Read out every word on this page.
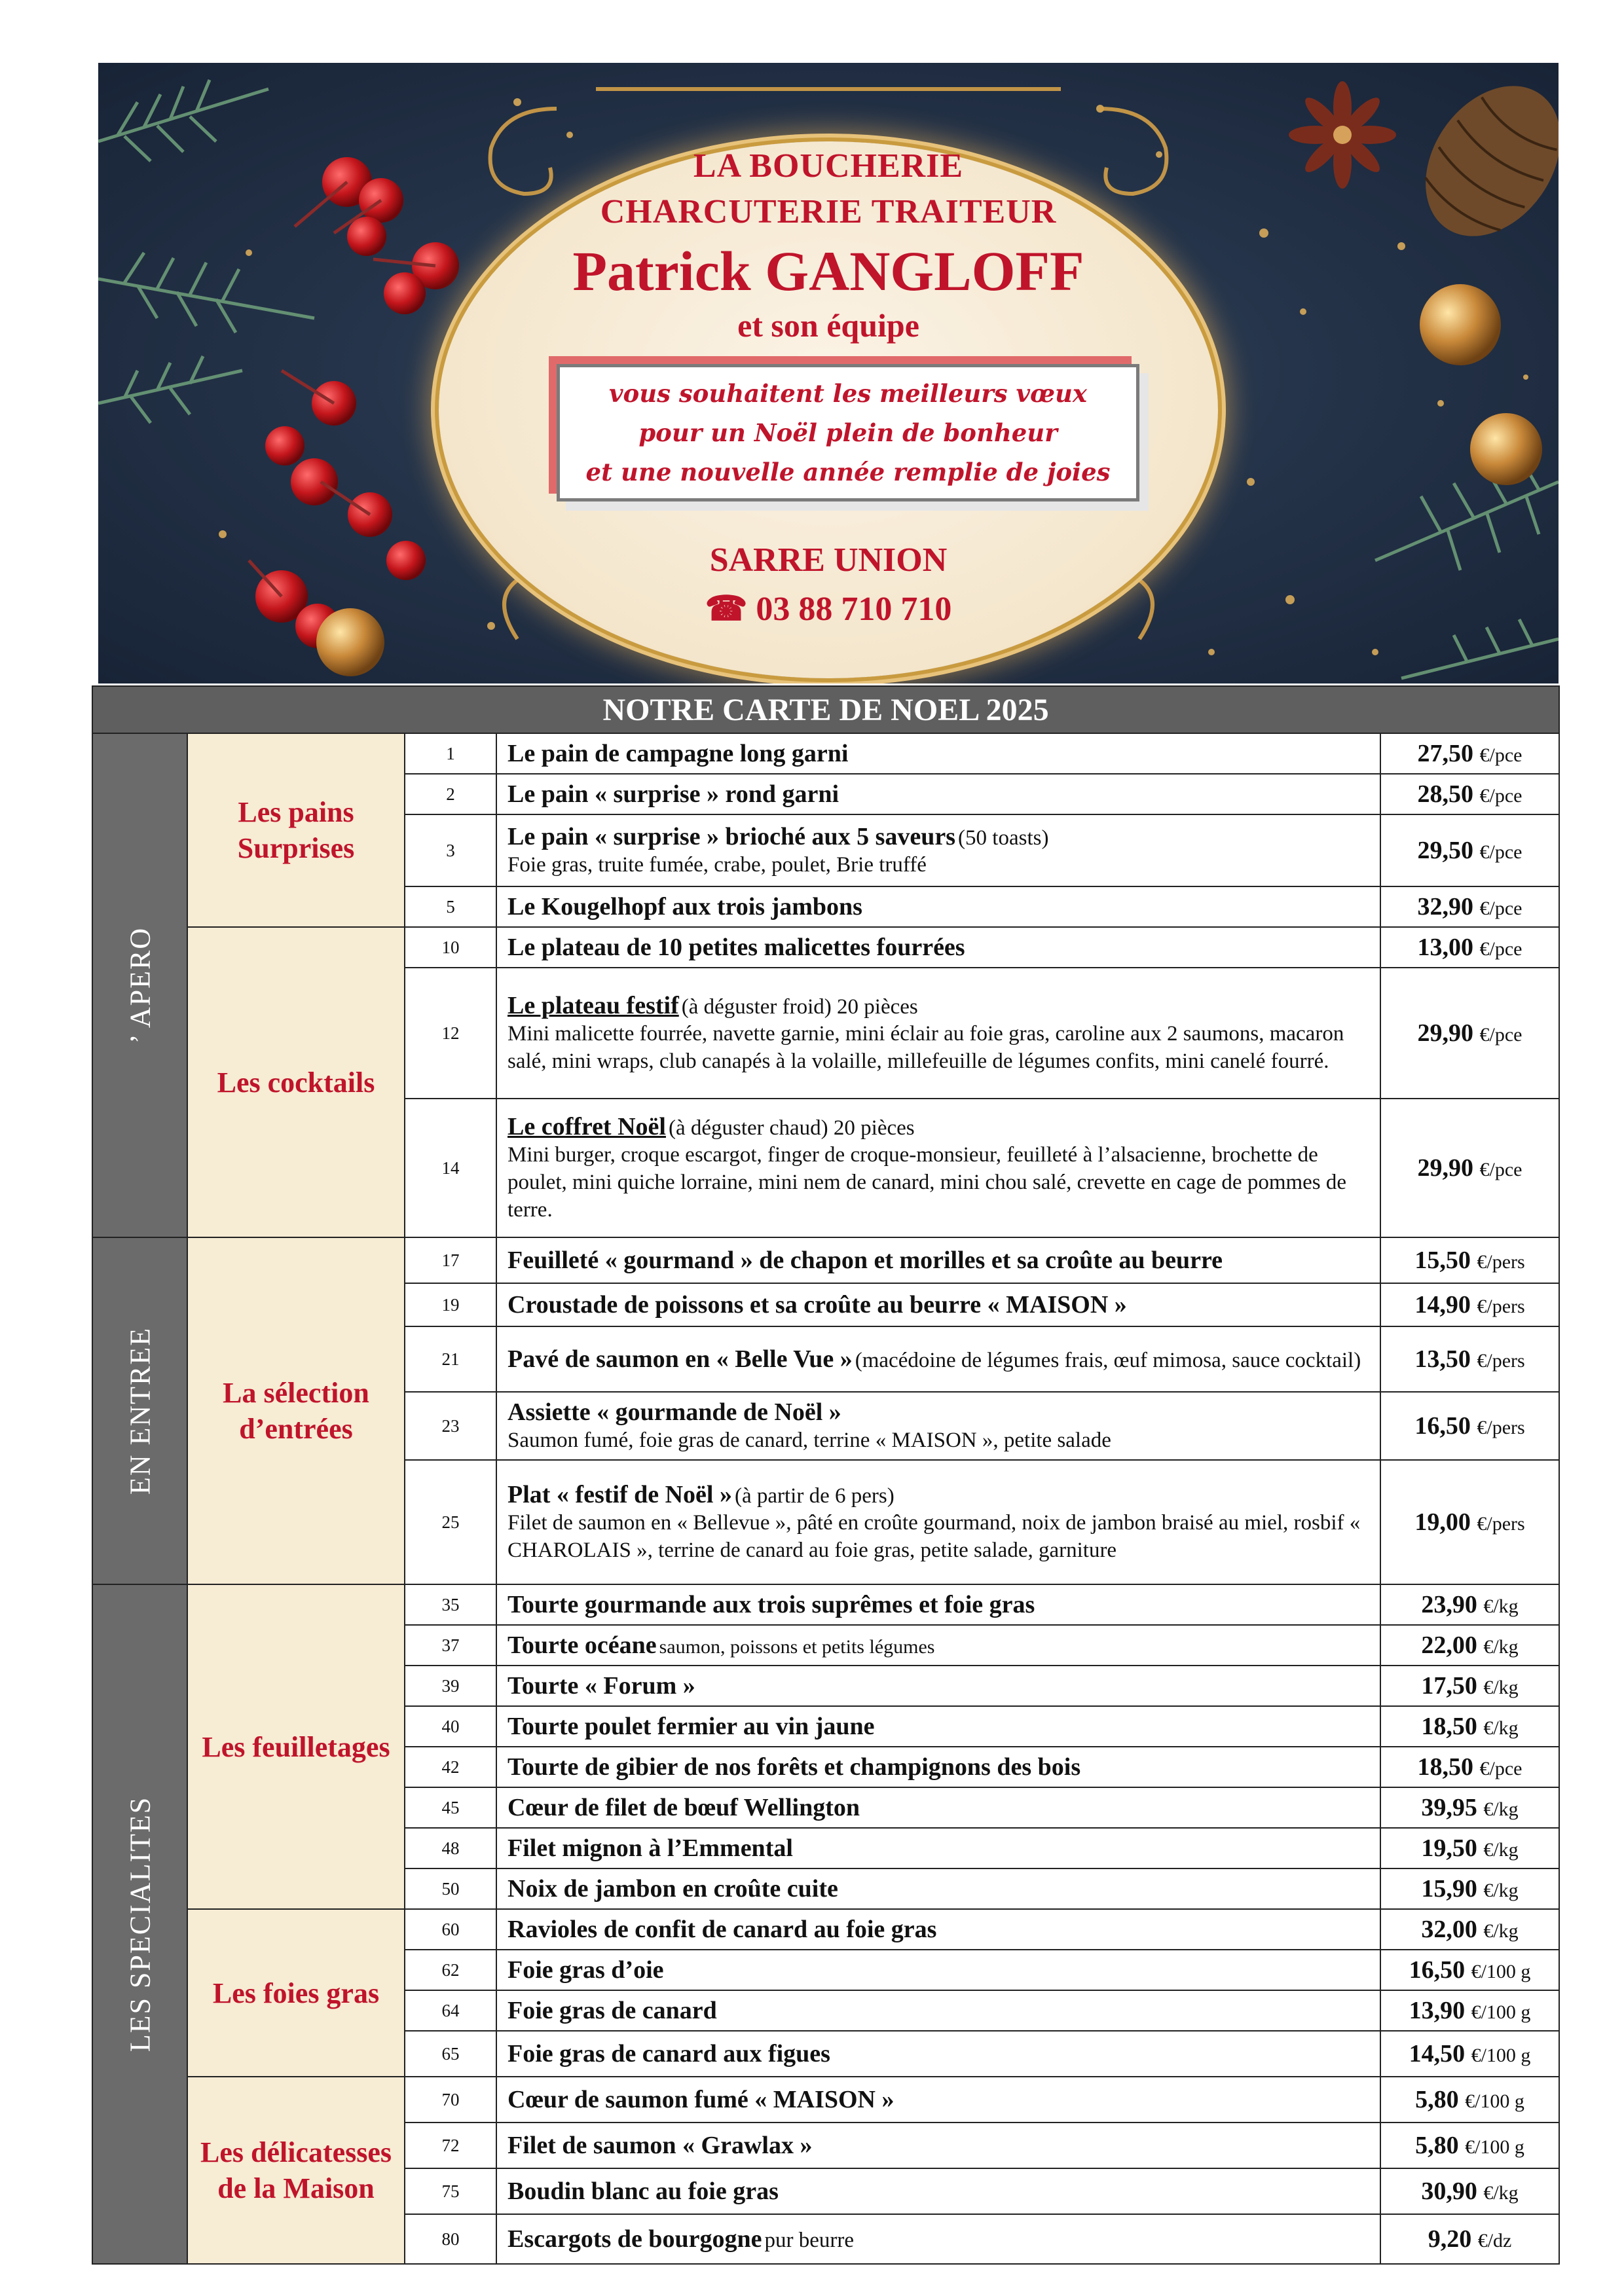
LA BOUCHERIE
CHARCUTERIE TRAITEUR
Patrick GANGLOFF
et son équipe
vous souhaitent les meilleurs vœux
pour un Noël plein de bonheur
et une nouvelle année remplie de joies
SARRE UNION
☎ 03 88 710 710
NOTRE CARTE DE NOEL 2025				

’ APERO	Les pains Surprises	1	Le pain de campagne long garni	27,50 €/pce
		2	Le pain « surprise » rond garni	28,50 €/pce
		3	Le pain « surprise » brioché aux 5 saveurs (50 toasts)
Foie gras, truite fumée, crabe, poulet, Brie truffé	29,50 €/pce
		5	Le Kougelhopf aux trois jambons	32,90 €/pce
	Les cocktails	10	Le plateau de 10 petites malicettes fourrées	13,00 €/pce
		12	Le plateau festif (à déguster froid) 20 pièces
Mini malicette fourrée, navette garnie, mini éclair au foie gras, caroline aux 2 saumons, macaron salé, mini wraps, club canapés à la volaille, millefeuille de légumes confits, mini canelé fourré.	29,90 €/pce
		14	Le coffret Noël (à déguster chaud) 20 pièces
Mini burger, croque escargot, finger de croque-monsieur, feuilleté à l’alsacienne, brochette de poulet, mini quiche lorraine, mini nem de canard, mini chou salé, crevette en cage de pommes de terre.	29,90 €/pce

EN ENTREE	La sélection d’entrées	17	Feuilleté « gourmand » de chapon et morilles et sa croûte au beurre	15,50 €/pers
		19	Croustade de poissons et sa croûte au beurre « MAISON »	14,90 €/pers
		21	Pavé de saumon en « Belle Vue » (macédoine de légumes frais, œuf mimosa, sauce cocktail)	13,50 €/pers
		23	Assiette « gourmande de Noël »
Saumon fumé, foie gras de canard, terrine « MAISON », petite salade	16,50 €/pers
		25	Plat « festif de Noël » (à partir de 6 pers)
Filet de saumon en « Bellevue », pâté en croûte gourmand, noix de jambon braisé au miel, rosbif « CHAROLAIS », terrine de canard au foie gras, petite salade, garniture	19,00 €/pers

LES SPECIALITES	Les feuilletages	35	Tourte gourmande aux trois suprêmes et foie gras	23,90 €/kg
		37	Tourte océane saumon, poissons et petits légumes	22,00 €/kg
		39	Tourte « Forum »	17,50 €/kg
		40	Tourte poulet fermier au vin jaune	18,50 €/kg
		42	Tourte de gibier de nos forêts et champignons des bois	18,50 €/pce
		45	Cœur de filet de bœuf Wellington	39,95 €/kg
		48	Filet mignon à l’Emmental	19,50 €/kg
		50	Noix de jambon en croûte cuite	15,90 €/kg
	Les foies gras	60	Ravioles de confit de canard au foie gras	32,00 €/kg
		62	Foie gras d’oie	16,50 €/100 g
		64	Foie gras de canard	13,90 €/100 g
		65	Foie gras de canard aux figues	14,50 €/100 g
	Les délicatesses de la Maison	70	Cœur de saumon fumé « MAISON »	5,80 €/100 g
		72	Filet de saumon « Grawlax »	5,80 €/100 g
		75	Boudin blanc au foie gras	30,90 €/kg
		80	Escargots de bourgogne pur beurre	9,20 €/dz
